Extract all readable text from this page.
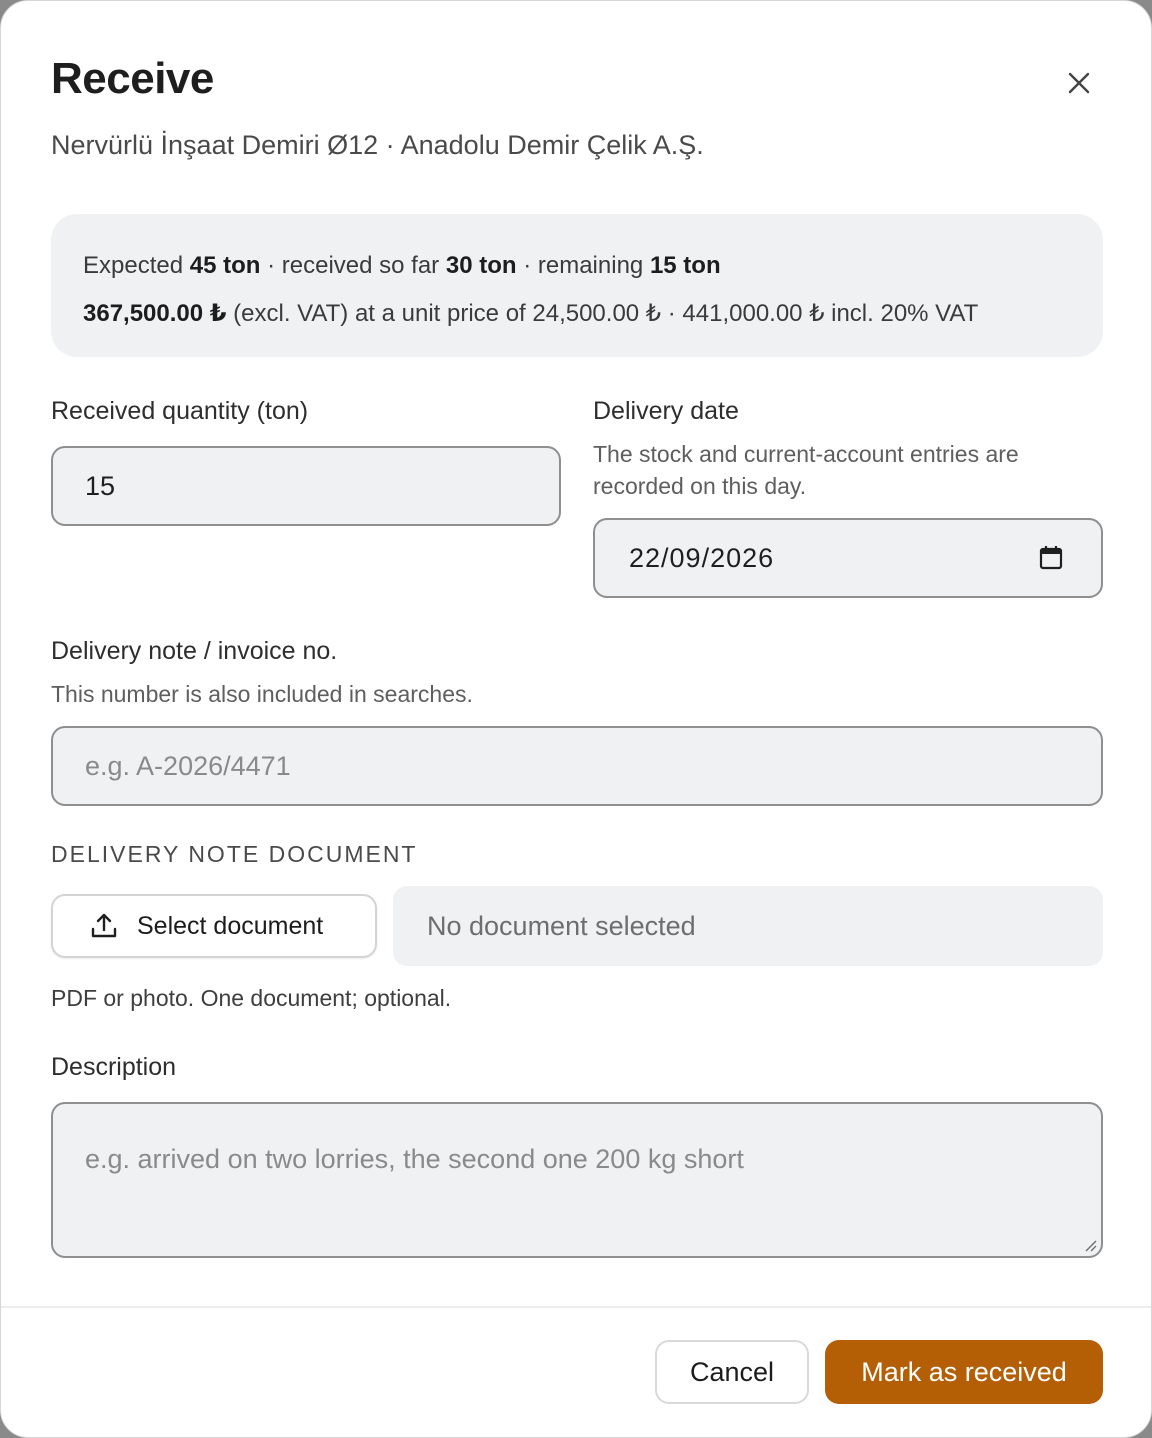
Receive
Nervürlü İnşaat Demiri Ø12 · Anadolu Demir Çelik A.Ş.
Expected 45 ton · received so far 30 ton · remaining 15 ton
367,500.00 ₺ (excl. VAT) at a unit price of 24,500.00 ₺ · 441,000.00 ₺ incl. 20% VAT
Received quantity (ton)
15
Delivery date
The stock and current-account entries are
recorded on this day.
22/09/2026
Delivery note / invoice no.
This number is also included in searches.
e.g. A-2026/4471
DELIVERY NOTE DOCUMENT
Select document	No document selected
PDF or photo. One document; optional.
Description
e.g. arrived on two lorries, the second one 200 kg short
Cancel	Mark as received
